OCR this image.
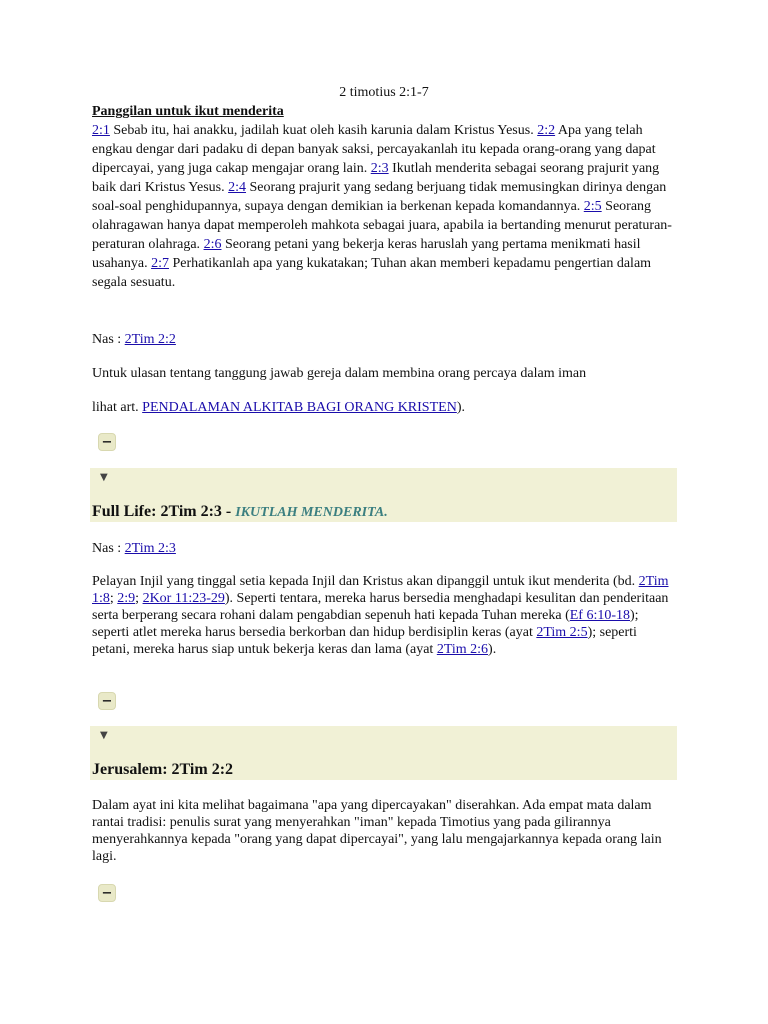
2 timotius 2:1-7
Panggilan untuk ikut menderita
2:1 Sebab itu, hai anakku, jadilah kuat oleh kasih karunia dalam Kristus Yesus. 2:2 Apa yang telah engkau dengar dari padaku di depan banyak saksi, percayakanlah itu kepada orang-orang yang dapat dipercayai, yang juga cakap mengajar orang lain. 2:3 Ikutlah menderita sebagai seorang prajurit yang baik dari Kristus Yesus. 2:4 Seorang prajurit yang sedang berjuang tidak memusingkan dirinya dengan soal-soal penghidupannya, supaya dengan demikian ia berkenan kepada komandannya. 2:5 Seorang olahragawan hanya dapat memperoleh mahkota sebagai juara, apabila ia bertanding menurut peraturan-peraturan olahraga. 2:6 Seorang petani yang bekerja keras haruslah yang pertama menikmati hasil usahanya. 2:7 Perhatikanlah apa yang kukatakan; Tuhan akan memberi kepadamu pengertian dalam segala sesuatu.
Nas : 2Tim 2:2
Untuk ulasan tentang tanggung jawab gereja dalam membina orang percaya dalam iman
lihat art. PENDALAMAN ALKITAB BAGI ORANG KRISTEN).
−
▼
Full Life: 2Tim 2:3 - IKUTLAH MENDERITA.
Nas : 2Tim 2:3
Pelayan Injil yang tinggal setia kepada Injil dan Kristus akan dipanggil untuk ikut menderita (bd. 2Tim 1:8; 2:9; 2Kor 11:23-29). Seperti tentara, mereka harus bersedia menghadapi kesulitan dan penderitaan serta berperang secara rohani dalam pengabdian sepenuh hati kepada Tuhan mereka (Ef 6:10-18); seperti atlet mereka harus bersedia berkorban dan hidup berdisiplin keras (ayat 2Tim 2:5); seperti petani, mereka harus siap untuk bekerja keras dan lama (ayat 2Tim 2:6).
−
▼
Jerusalem: 2Tim 2:2
Dalam ayat ini kita melihat bagaimana "apa yang dipercayakan" diserahkan. Ada empat mata dalam rantai tradisi: penulis surat yang menyerahkan "iman" kepada Timotius yang pada gilirannya menyerahkannya kepada "orang yang dapat dipercayai", yang lalu mengajarkannya kepada orang lain lagi.
−
